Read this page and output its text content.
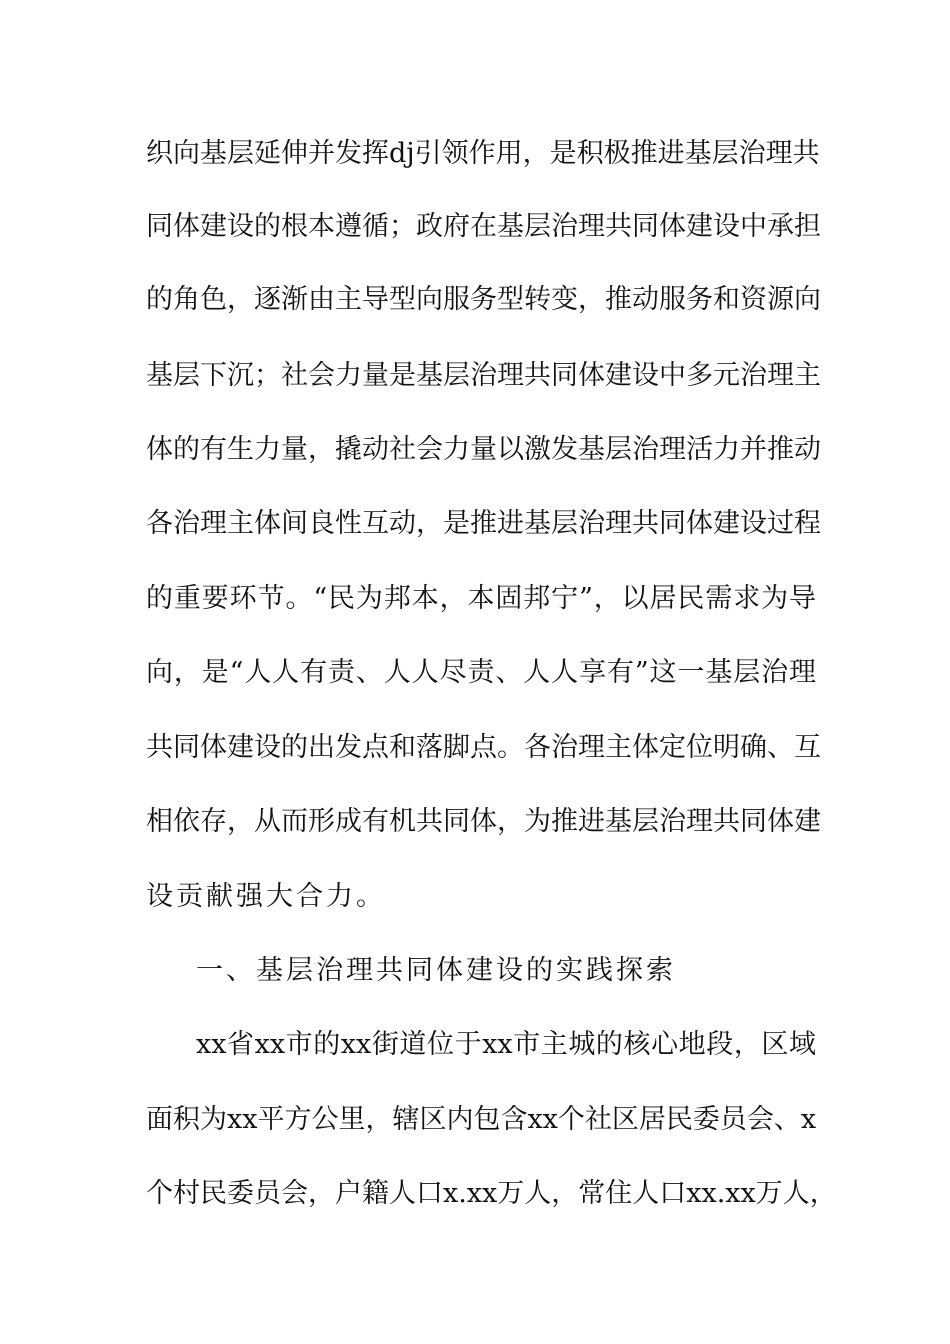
织向基层延伸并发挥dj引领作用，是积极推进基层治理共
同体建设的根本遵循；政府在基层治理共同体建设中承担
的角色，逐渐由主导型向服务型转变，推动服务和资源向
基层下沉；社会力量是基层治理共同体建设中多元治理主
体的有生力量，撬动社会力量以激发基层治理活力并推动
各治理主体间良性互动，是推进基层治理共同体建设过程
的重要环节。“民为邦本，本固邦宁”，以居民需求为导
向，是“人人有责、人人尽责、人人享有”这一基层治理
共同体建设的出发点和落脚点。各治理主体定位明确、互
相依存，从而形成有机共同体，为推进基层治理共同体建
设贡献强大合力。
一、基层治理共同体建设的实践探索
xx省xx市的xx街道位于xx市主城的核心地段，区域
面积为xx平方公里，辖区内包含xx个社区居民委员会、x
个村民委员会，户籍人口x.xx万人，常住人口xx.xx万人，
